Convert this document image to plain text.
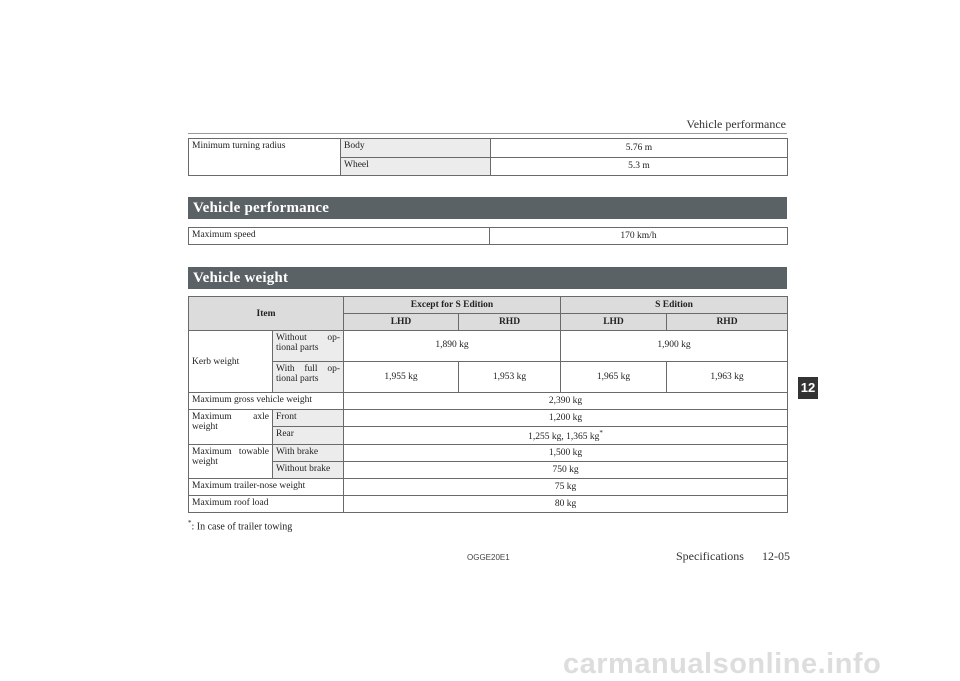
Vehicle performance
Minimum turning radius	Body	5.76 m
	Wheel	5.3 m
Vehicle performance
Maximum speed	170 km/h
Vehicle weight
Item		Except for S Edition		S Edition	
		LHD	RHD	LHD	RHD
Kerb weight	Without op-tional parts	1,890 kg		1,900 kg	
	With full op-tional parts	1,955 kg	1,953 kg	1,965 kg	1,963 kg
Maximum gross vehicle weight		2,390 kg			
Maximum axle weight	Front	1,200 kg			
	Rear	1,255 kg, 1,365 kg*
Maximum towable weight	With brake	1,500 kg			
	Without brake	750 kg			
Maximum trailer-nose weight		75 kg			
Maximum roof load		80 kg			
*: In case of trailer towing
OGGE20E1	Specifications 12-05
12
carmanualsonline.info
